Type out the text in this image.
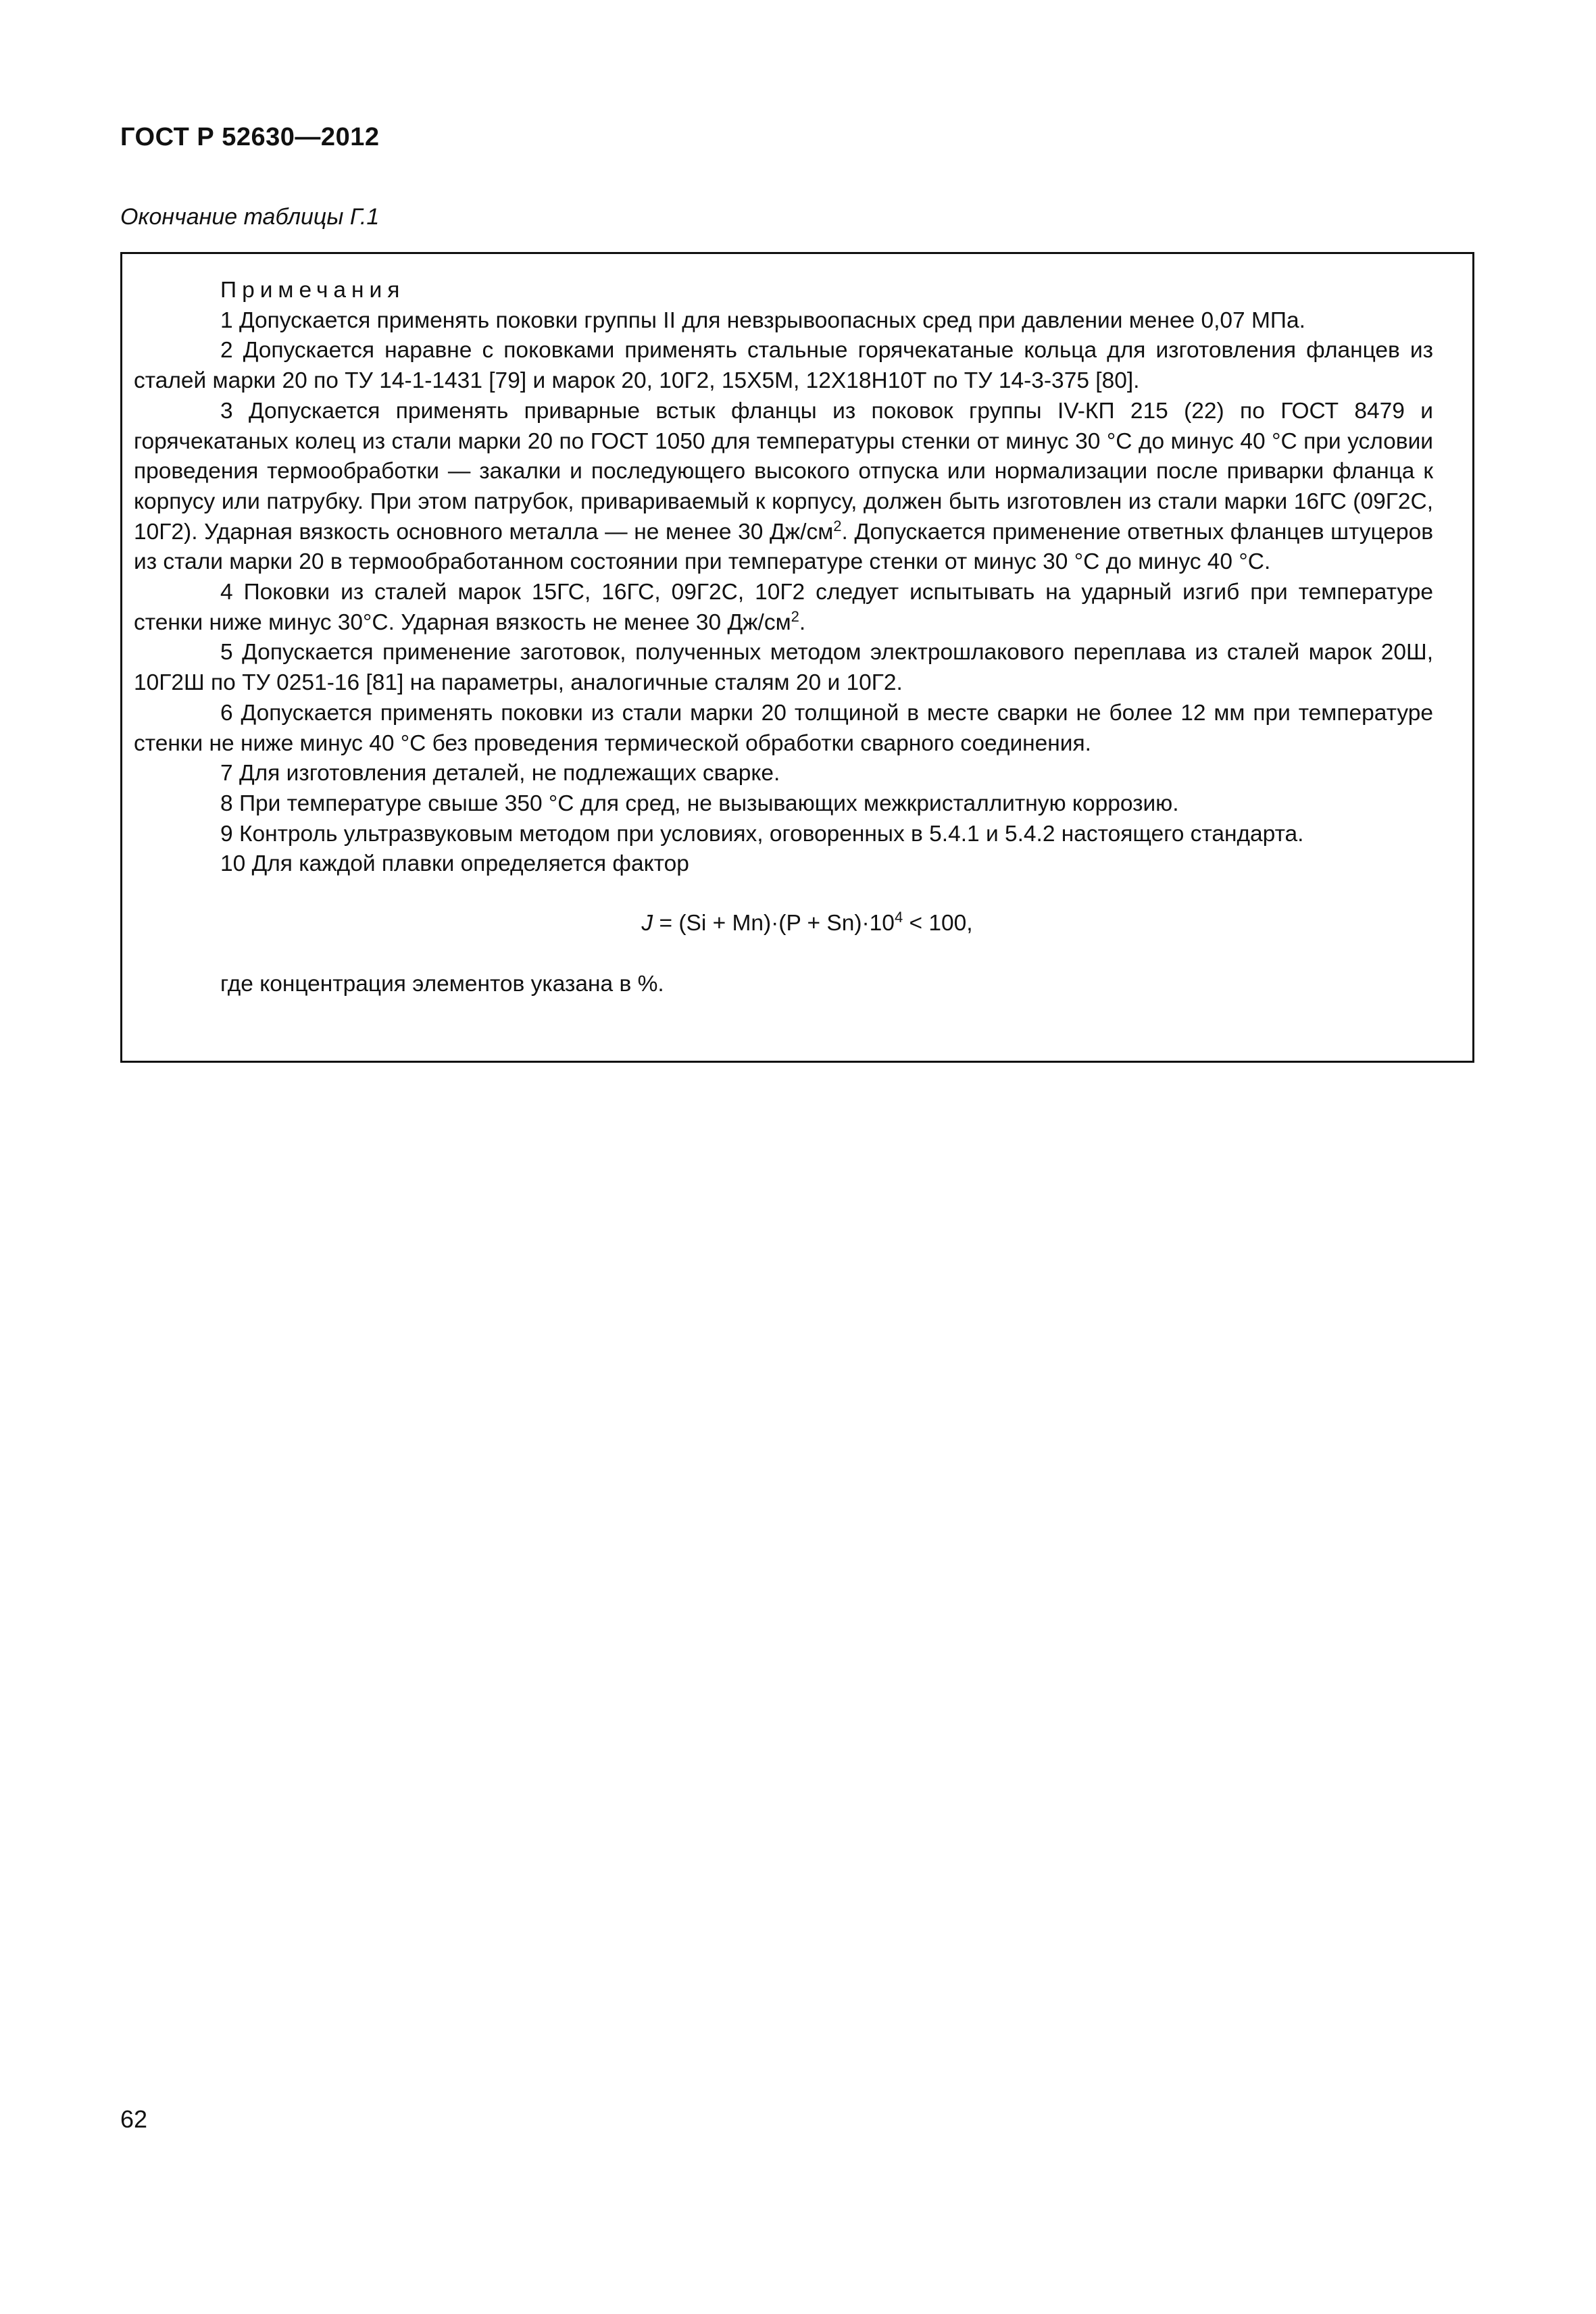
ГОСТ Р 52630—2012
Окончание таблицы Г.1
Примечания

1 Допускается применять поковки группы II для невзрывоопасных сред при давлении менее 0,07 МПа.

2 Допускается наравне с поковками применять стальные горячекатаные кольца для изготовления фланцев из сталей марки 20 по ТУ 14-1-1431 [79] и марок 20, 10Г2, 15Х5М, 12Х18Н10Т по ТУ 14-3-375 [80].

3 Допускается применять приварные встык фланцы из поковок группы IV-КП 215 (22) по ГОСТ 8479 и горячекатаных колец из стали марки 20 по ГОСТ 1050 для температуры стенки от минус 30 °С до минус 40 °С при условии проведения термообработки — закалки и последующего высокого отпуска или нормализации после приварки фланца к корпусу или патрубку. При этом патрубок, привариваемый к корпусу, должен быть изготовлен из стали марки 16ГС (09Г2С, 10Г2). Ударная вязкость основного металла — не менее 30 $Дж/см^2$. Допускается применение ответных фланцев штуцеров из стали марки 20 в термообработанном состоянии при температуре стенки от минус 30 °С до минус 40 °С.

4 Поковки из сталей марок 15ГС, 16ГС, 09Г2С, 10Г2 следует испытывать на ударный изгиб при температуре стенки ниже минус 30°С. Ударная вязкость не менее 30 $Дж/см^2$.

5 Допускается применение заготовок, полученных методом электрошлакового переплава из сталей марок 20Ш, 10Г2Ш по ТУ 0251-16 [81] на параметры, аналогичные сталям 20 и 10Г2.

6 Допускается применять поковки из стали марки 20 толщиной в месте сварки не более 12 мм при температуре стенки не ниже минус 40 °С без проведения термической обработки сварного соединения.

7 Для изготовления деталей, не подлежащих сварке.

8 При температуре свыше 350 °С для сред, не вызывающих межкристаллитную коррозию.

9 Контроль ультразвуковым методом при условиях, оговоренных в 5.4.1 и 5.4.2 настоящего стандарта.

10 Для каждой плавки определяется фактор

$J = (Si + Mn)\cdot(P + Sn)\cdot 10^4 < 100$,
где концентрация элементов указана в %.
62
